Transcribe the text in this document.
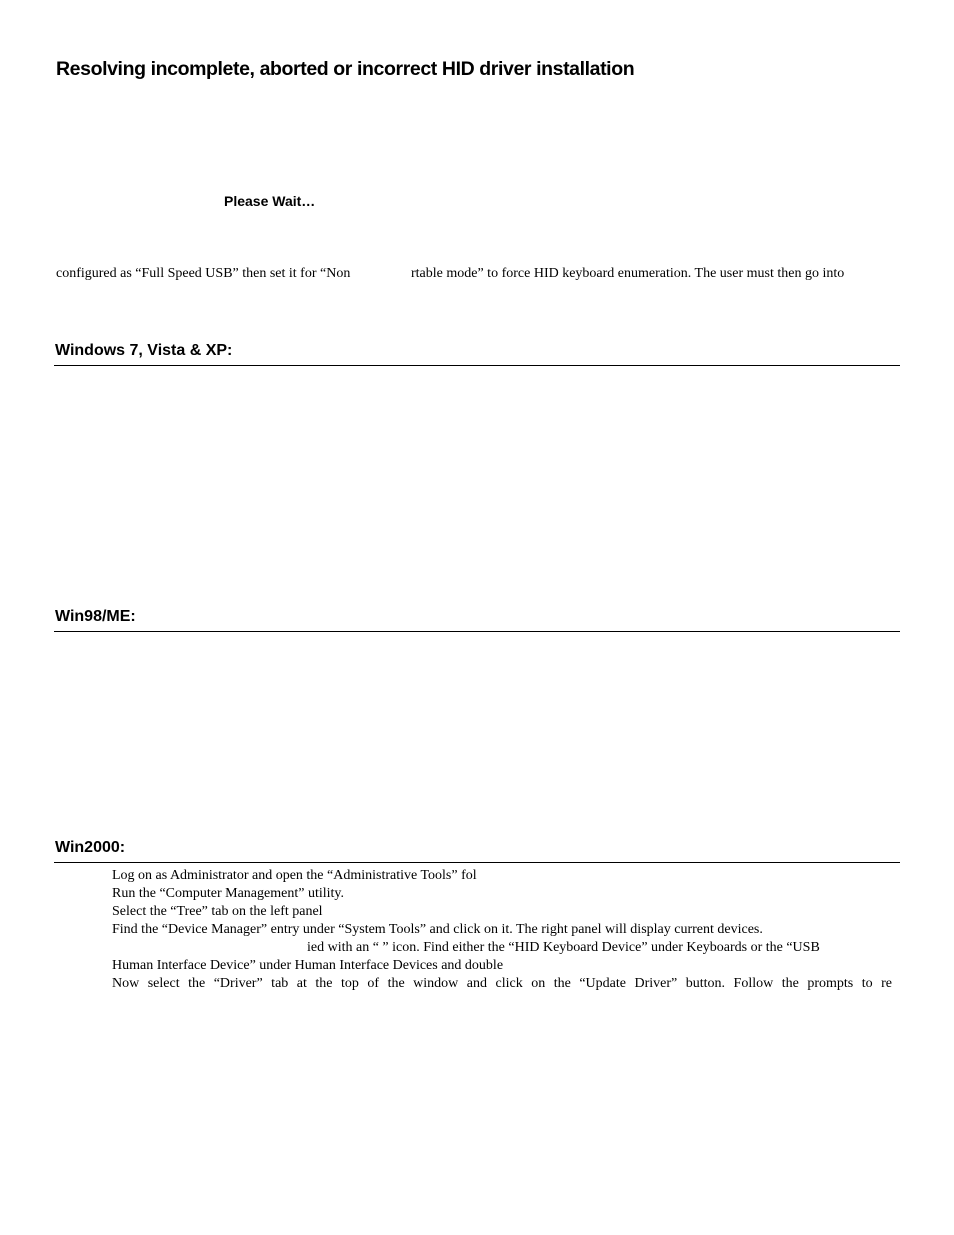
Resolving incomplete, aborted or incorrect HID driver installation
Please Wait…
configured as “Full Speed USB” then set it for “Non	rtable mode” to force HID keyboard enumeration. The user must then go into
Windows 7, Vista & XP:
Win98/ME:
Win2000:
Log on as Administrator and open the “Administrative Tools” fol
Run the “Computer Management” utility.
Select the “Tree” tab on the left panel
Find the “Device Manager” entry under “System Tools” and click on it. The right panel will display current devices.
ied with an “ ” icon. Find either the “HID Keyboard Device” under Keyboards or the “USB
Human Interface Device” under Human Interface Devices and double
Now select the “Driver” tab at the top of the window and click on the “Update Driver” button. Follow the prompts to re
